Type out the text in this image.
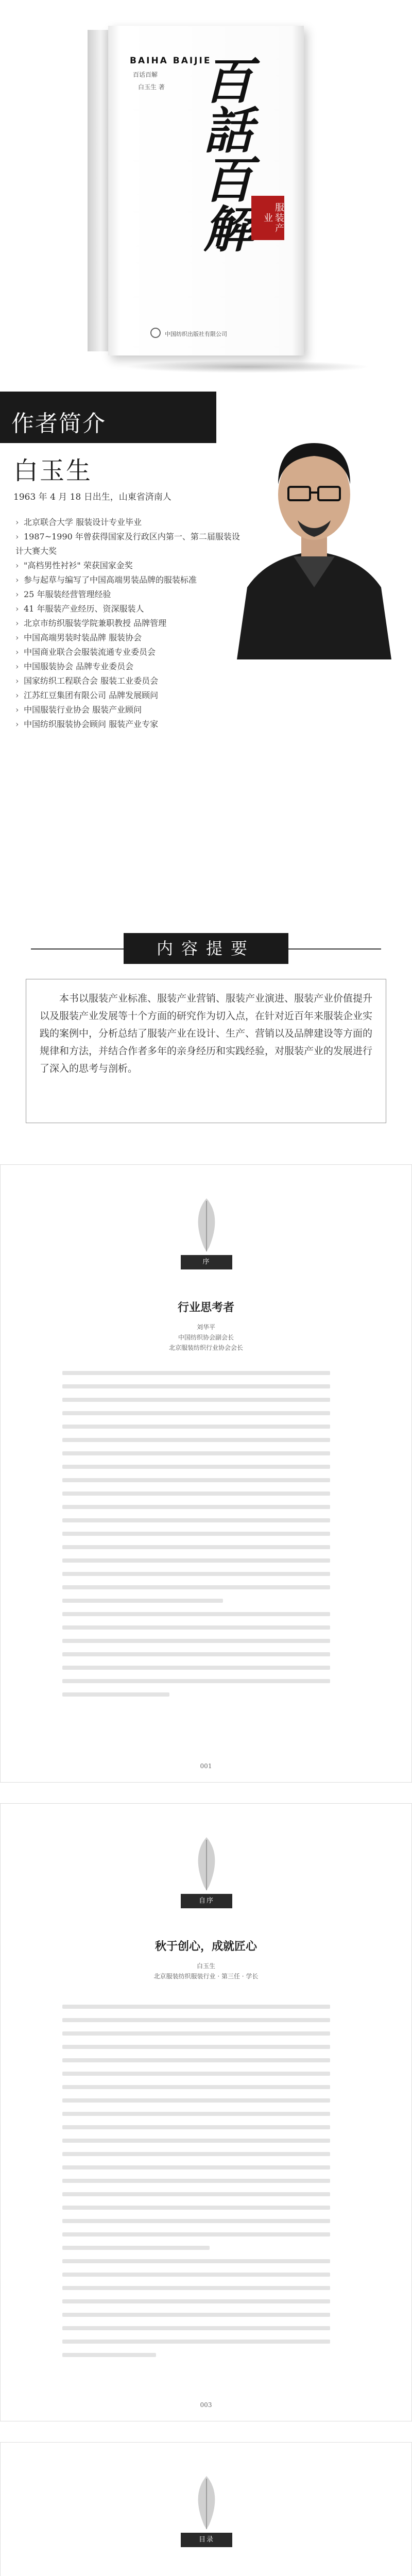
BAIHA BAIJIE
百话百解
白玉生 著 百話百解	服装产业
中国纺织出版社有限公司
作者简介
白玉生
1963 年 4 月 18 日出生，山東省済南人
› 北京联合大学 服装设计专业毕业
› 1987~1990 年曾获得国家及行政区内第一、第二届服装设计大赛大奖
› "高档男性衬衫" 荣获国家金奖
› 参与起草与编写了中国高端男装品牌的服装标准
› 25 年服装经营管理经验
› 41 年服装产业经历、资深服装人
› 北京市纺织服装学院兼职教授 品牌管理
› 中国高端男装时装品牌 服装协会
› 中国商业联合会服装流通专业委员会
› 中国服装协会 品牌专业委员会
› 国家纺织工程联合会 服装工业委员会
› 江苏红豆集团有限公司 品牌发展顾问
› 中国服装行业协会 服装产业顾问
› 中国纺织服装协会顾问 服装产业专家
内容提要
本书以服装产业标准、服装产业营销、服装产业演进、服装产业价值提升以及服装产业发展等十个方面的研究作为切入点，在针对近百年来服装企业实践的案例中，分析总结了服装产业在设计、生产、营销以及品牌建设等方面的规律和方法，并结合作者多年的亲身经历和实践经验，对服装产业的发展进行了深入的思考与剖析。
序
行业思考者
刘华平
中国纺织协会副会长
北京服装纺织行业协会会长
001
自序
秋于创心，成就匠心
白玉生
北京服装纺织服装行业 · 第三任 · 学长
003
目录
